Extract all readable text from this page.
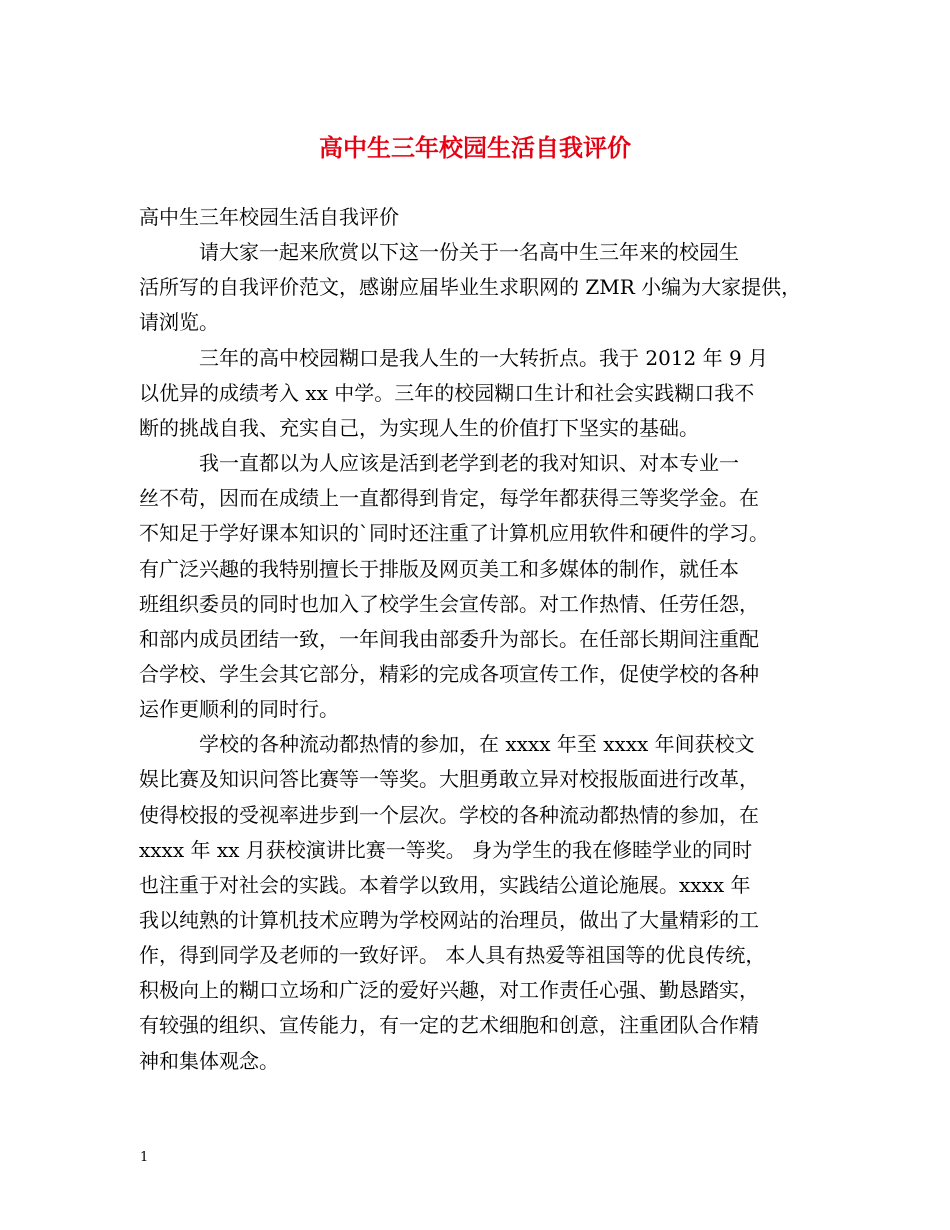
高中生三年校园生活自我评价
高中生三年校园生活自我评价
　　　请大家一起来欣赏以下这一份关于一名高中生三年来的校园生
活所写的自我评价范文，感谢应届毕业生求职网的 ZMR 小编为大家提供，
请浏览。
　　　三年的高中校园糊口是我人生的一大转折点。我于 2012 年 9 月
以优异的成绩考入 xx 中学。三年的校园糊口生计和社会实践糊口我不
断的挑战自我、充实自己，为实现人生的价值打下坚实的基础。
　　　我一直都以为人应该是活到老学到老的我对知识、对本专业一
丝不苟，因而在成绩上一直都得到肯定，每学年都获得三等奖学金。在
不知足于学好课本知识的`同时还注重了计算机应用软件和硬件的学习。
有广泛兴趣的我特别擅长于排版及网页美工和多媒体的制作，就任本
班组织委员的同时也加入了校学生会宣传部。对工作热情、任劳任怨，
和部内成员团结一致，一年间我由部委升为部长。在任部长期间注重配
合学校、学生会其它部分，精彩的完成各项宣传工作，促使学校的各种
运作更顺利的同时行。
　　　学校的各种流动都热情的参加，在 xxxx 年至 xxxx 年间获校文
娱比赛及知识问答比赛等一等奖。大胆勇敢立异对校报版面进行改革，
使得校报的受视率进步到一个层次。学校的各种流动都热情的参加，在
xxxx 年 xx 月获校演讲比赛一等奖。 身为学生的我在修睦学业的同时
也注重于对社会的实践。本着学以致用，实践结公道论施展。xxxx 年
我以纯熟的计算机技术应聘为学校网站的治理员，做出了大量精彩的工
作，得到同学及老师的一致好评。 本人具有热爱等祖国等的优良传统，
积极向上的糊口立场和广泛的爱好兴趣，对工作责任心强、勤恳踏实，
有较强的组织、宣传能力，有一定的艺术细胞和创意，注重团队合作精
神和集体观念。
1
